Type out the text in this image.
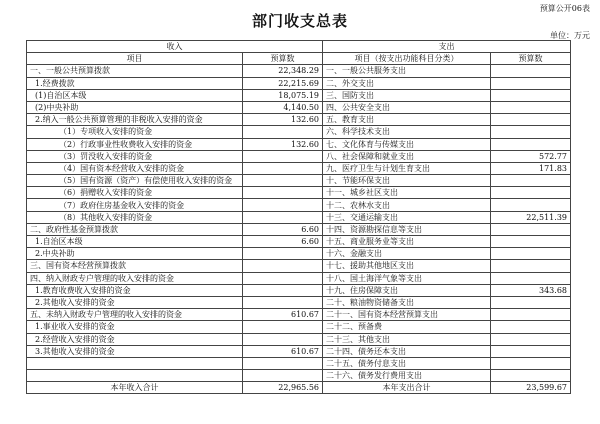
预算公开06表
部门收支总表
单位：万元
收入		支出	
项目	预算数	项目（按支出功能科目分类）	预算数
一、一般公共预算拨款	22,348.29	一、一般公共服务支出	
1.经费拨款	22,215.69	二、外交支出	
(1)自治区本级	18,075.19	三、国防支出	
(2)中央补助	4,140.50	四、公共安全支出	
2.纳入一般公共预算管理的非税收入安排的资金	132.60	五、教育支出	
（1）专项收入安排的资金		六、科学技术支出	
（2）行政事业性收费收入安排的资金	132.60	七、文化体育与传媒支出	
（3）罚没收入安排的资金		八、社会保障和就业支出	572.77
（4）国有资本经营收入安排的资金		九、医疗卫生与计划生育支出	171.83
（5）国有资源（资产）有偿使用收入安排的资金		十、节能环保支出	
（6）捐赠收入安排的资金		十一、城乡社区支出	
（7）政府住房基金收入安排的资金		十二、农林水支出	
（8）其他收入安排的资金		十三、交通运输支出	22,511.39
二、政府性基金预算拨款	6.60	十四、资源勘探信息等支出	
1.自治区本级	6.60	十五、商业服务业等支出	
2.中央补助		十六、金融支出	
三、国有资本经营预算拨款		十七、援助其他地区支出	
四、纳入财政专户管理的收入安排的资金		十八、国土海洋气象等支出	
1.教育收费收入安排的资金		十九、住房保障支出	343.68
2.其他收入安排的资金		二十、粮油物资储备支出	
五、未纳入财政专户管理的收入安排的资金	610.67	二十一、国有资本经营预算支出	
1.事业收入安排的资金		二十二、预备费	
2.经营收入安排的资金		二十三、其他支出	
3.其他收入安排的资金	610.67	二十四、债务还本支出	
		二十五、债务付息支出	
		二十六、债务发行费用支出	
本年收入合计	22,965.56	本年支出合计	23,599.67
